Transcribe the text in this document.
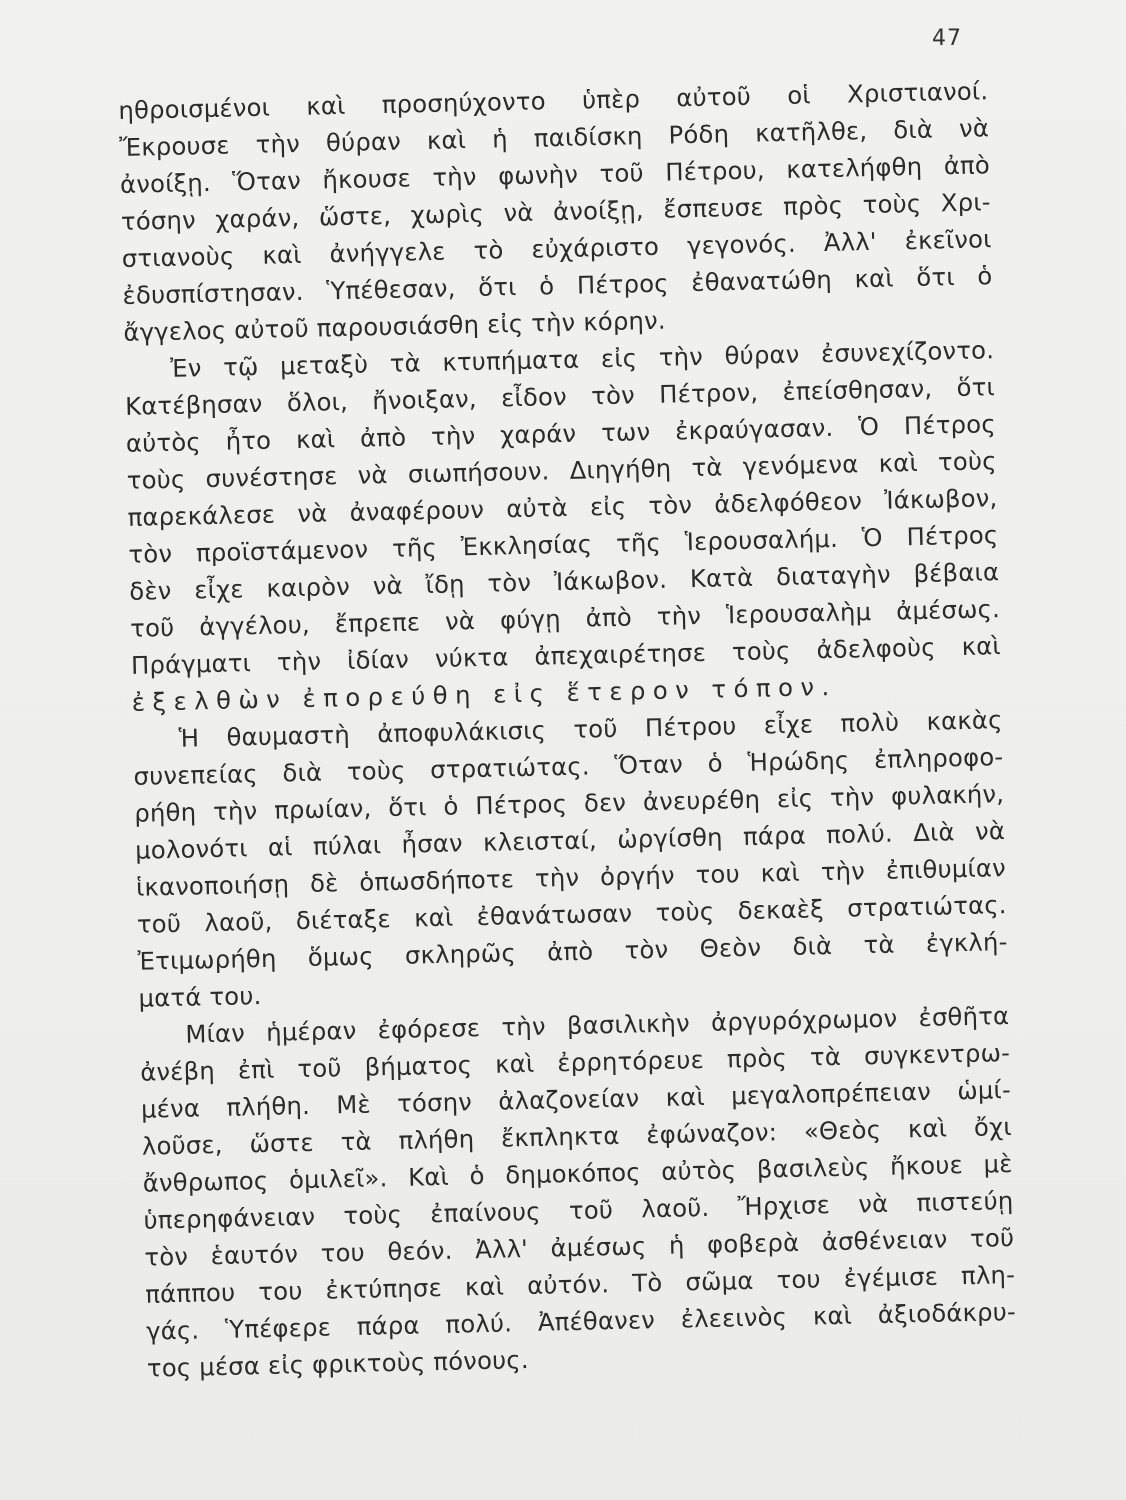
47
ηθροισμένοι καὶ προσηύχοντο ὑπὲρ αὐτοῦ οἱ Χριστιανοί.
Ἔκρουσε τὴν θύραν καὶ ἡ παιδίσκη Ρόδη κατῆλθε, διὰ νὰ
ἀνοίξῃ. Ὅταν ἤκουσε τὴν φωνὴν τοῦ Πέτρου, κατελήφθη ἀπὸ
τόσην χαράν, ὥστε, χωρὶς νὰ ἀνοίξῃ, ἔσπευσε πρὸς τοὺς Χρι-
στιανοὺς καὶ ἀνήγγελε τὸ εὐχάριστο γεγονός. Ἀλλ' ἐκεῖνοι
ἐδυσπίστησαν. Ὑπέθεσαν, ὅτι ὁ Πέτρος ἐθανατώθη καὶ ὅτι ὁ
ἄγγελος αὐτοῦ παρουσιάσθη εἰς τὴν κόρην.
Ἐν τῷ μεταξὺ τὰ κτυπήματα εἰς τὴν θύραν ἐσυνεχίζοντο.
Κατέβησαν ὅλοι, ἤνοιξαν, εἶδον τὸν Πέτρον, ἐπείσθησαν, ὅτι
αὐτὸς ἦτο καὶ ἀπὸ τὴν χαράν των ἐκραύγασαν. Ὁ Πέτρος
τοὺς συνέστησε νὰ σιωπήσουν. Διηγήθη τὰ γενόμενα καὶ τοὺς
παρεκάλεσε νὰ ἀναφέρουν αὐτὰ εἰς τὸν ἀδελφόθεον Ἰάκωβον,
τὸν προϊστάμενον τῆς Ἐκκλησίας τῆς Ἱερουσαλήμ. Ὁ Πέτρος
δὲν εἶχε καιρὸν νὰ ἴδῃ τὸν Ἰάκωβον. Κατὰ διαταγὴν βέβαια
τοῦ ἀγγέλου, ἔπρεπε νὰ φύγῃ ἀπὸ τὴν Ἱερουσαλὴμ ἀμέσως.
Πράγματι τὴν ἰδίαν νύκτα ἀπεχαιρέτησε τοὺς ἀδελφοὺς καὶ
ἐξελθὼν ἐπορεύθη εἰς ἕτερον τόπον.
Ἡ θαυμαστὴ ἀποφυλάκισις τοῦ Πέτρου εἶχε πολὺ κακὰς
συνεπείας διὰ τοὺς στρατιώτας. Ὅταν ὁ Ἡρώδης ἐπληροφο-
ρήθη τὴν πρωίαν, ὅτι ὁ Πέτρος δεν ἀνευρέθη εἰς τὴν φυλακήν,
μολονότι αἱ πύλαι ἦσαν κλεισταί, ὠργίσθη πάρα πολύ. Διὰ νὰ
ἱκανοποιήσῃ δὲ ὁπωσδήποτε τὴν ὀργήν του καὶ τὴν ἐπιθυμίαν
τοῦ λαοῦ, διέταξε καὶ ἐθανάτωσαν τοὺς δεκαὲξ στρατιώτας.
Ἐτιμωρήθη ὅμως σκληρῶς ἀπὸ τὸν Θεὸν διὰ τὰ ἐγκλή-
ματά του.
Μίαν ἡμέραν ἐφόρεσε τὴν βασιλικὴν ἀργυρόχρωμον ἐσθῆτα
ἀνέβη ἐπὶ τοῦ βήματος καὶ ἐρρητόρευε πρὸς τὰ συγκεντρω-
μένα πλήθη. Μὲ τόσην ἀλαζονείαν καὶ μεγαλοπρέπειαν ὡμί-
λοῦσε, ὥστε τὰ πλήθη ἔκπληκτα ἐφώναζον: «Θεὸς καὶ ὄχι
ἄνθρωπος ὁμιλεῖ». Καὶ ὁ δημοκόπος αὐτὸς βασιλεὺς ἤκουε μὲ
ὑπερηφάνειαν τοὺς ἐπαίνους τοῦ λαοῦ. Ἤρχισε νὰ πιστεύῃ
τὸν ἑαυτόν του θεόν. Ἀλλ' ἀμέσως ἡ φοβερὰ ἀσθένειαν τοῦ
πάππου του ἐκτύπησε καὶ αὐτόν. Τὸ σῶμα του ἐγέμισε πλη-
γάς. Ὑπέφερε πάρα πολύ. Ἀπέθανεν ἐλεεινὸς καὶ ἀξιοδάκρυ-
τος μέσα εἰς φρικτοὺς πόνους.
